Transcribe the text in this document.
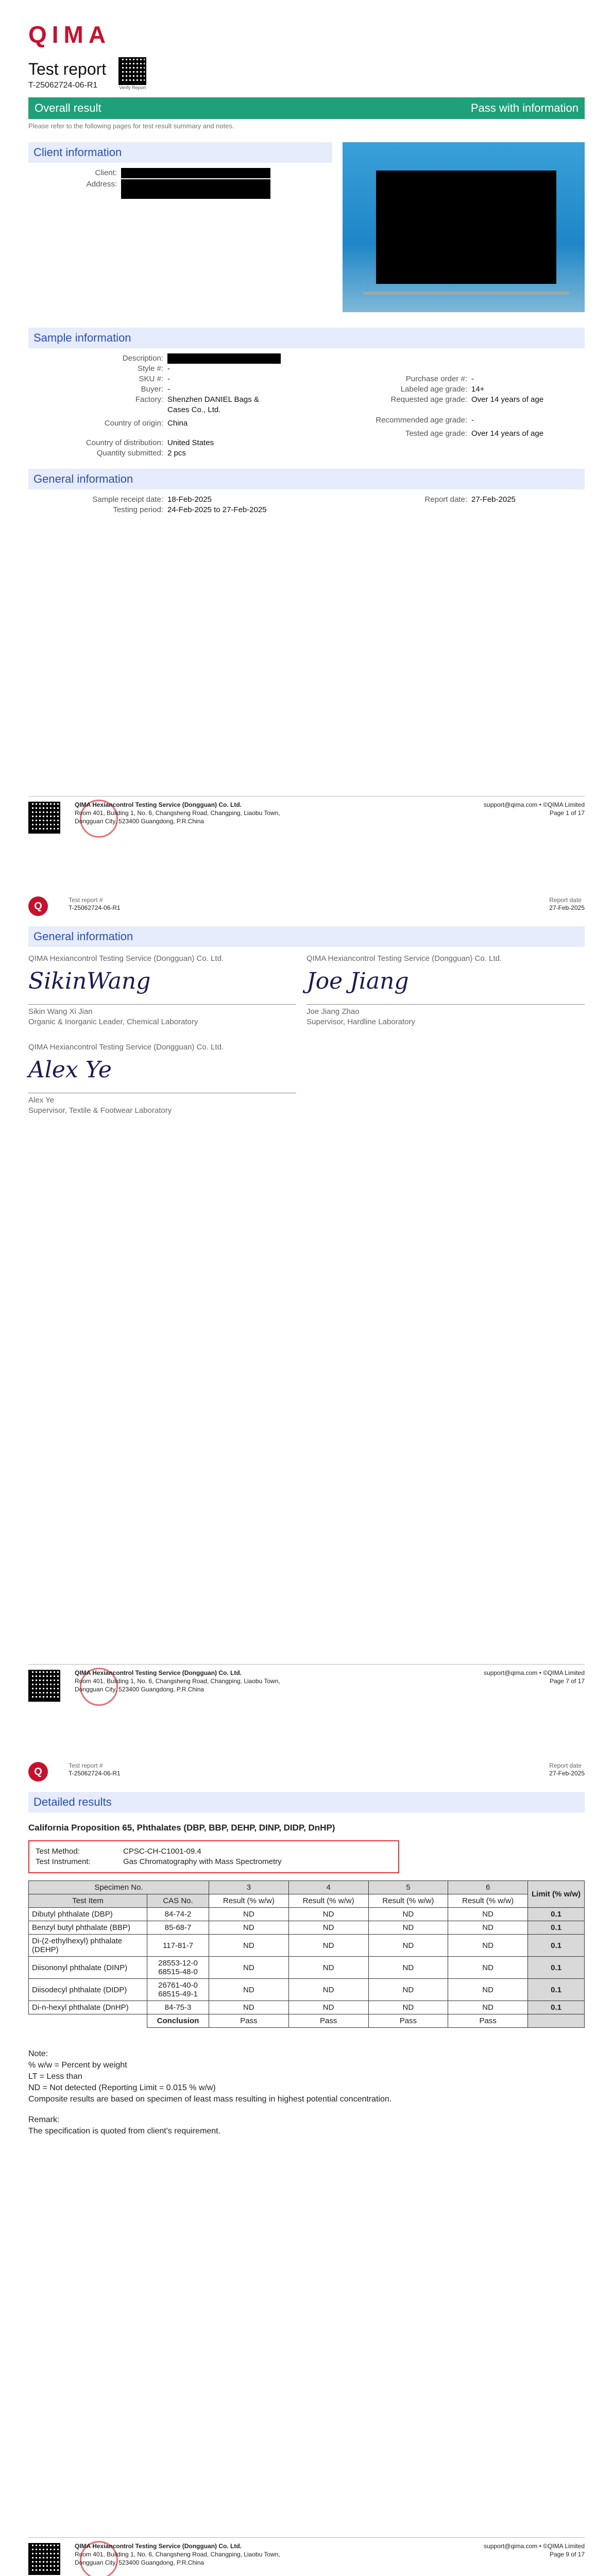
QIMA
Test report
T-25062724-06-R1	Verify Report
Overall result	Pass with information
Please refer to the following pages for test result summary and notes.
Client information
Client:
Address:
Sample information
Description:
Style #: -
SKU #: -
Buyer: -
Factory: Shenzhen DANIEL Bags & Cases Co., Ltd.
Country of origin: China
Country of distribution: United States
Quantity submitted: 2 pcs
Purchase order #: -
Labeled age grade: 14+
Requested age grade: Over 14 years of age
Recommended age grade: -
Tested age grade: Over 14 years of age
General information
Sample receipt date: 18-Feb-2025
Testing period: 24-Feb-2025 to 27-Feb-2025
Report date: 27-Feb-2025
QIMA Hexiancontrol Testing Service (Dongguan) Co. Ltd.
Room 401, Building 1, No. 6, Changsheng Road, Changping, Liaobu Town,
Dongguan City, 523400 Guangdong, P.R.China
support@qima.com • ©QIMA Limited
Page 1 of 17
Q
Test report #
T-25062724-06-R1
Report date
27-Feb-2025
General information
QIMA Hexiancontrol Testing Service (Dongguan) Co. Ltd.
SikinWang
Sikin Wang Xi Jian
Organic & Inorganic Leader, Chemical Laboratory
QIMA Hexiancontrol Testing Service (Dongguan) Co. Ltd.
Joe Jiang
Joe Jiang Zhao
Supervisor, Hardline Laboratory
QIMA Hexiancontrol Testing Service (Dongguan) Co. Ltd.
Alex Ye
Alex Ye
Supervisor, Textile & Footwear Laboratory
QIMA Hexiancontrol Testing Service (Dongguan) Co. Ltd.
Room 401, Building 1, No. 6, Changsheng Road, Changping, Liaobu Town,
Dongguan City, 523400 Guangdong, P.R.China
support@qima.com • ©QIMA Limited
Page 7 of 17
Q
Test report #
T-25062724-06-R1
Report date
27-Feb-2025
Detailed results
California Proposition 65, Phthalates (DBP, BBP, DEHP, DINP, DIDP, DnHP)
Test Method:	CPSC-CH-C1001-09.4
Test Instrument:	Gas Chromatography with Mass Spectrometry
Specimen No.		3	4	5	6	Limit (% w/w)
Test Item	CAS No.	Result (% w/w)	Result (% w/w)	Result (% w/w)	Result (% w/w)	
Dibutyl phthalate (DBP)	84-74-2	ND	ND	ND	ND	0.1
Benzyl butyl phthalate (BBP)	85-68-7	ND	ND	ND	ND	0.1
Di-(2-ethylhexyl) phthalate (DEHP)	117-81-7	ND	ND	ND	ND	0.1
Diisononyl phthalate (DINP)	28553-12-0
68515-48-0	ND	ND	ND	ND	0.1
Diisodecyl phthalate (DIDP)	26761-40-0
68515-49-1	ND	ND	ND	ND	0.1
Di-n-hexyl phthalate (DnHP)	84-75-3	ND	ND	ND	ND	0.1
	Conclusion	Pass	Pass	Pass	Pass	
Note:
% w/w = Percent by weight
LT = Less than
ND = Not detected (Reporting Limit = 0.015 % w/w)
Composite results are based on specimen of least mass resulting in highest potential concentration.
Remark:
The specification is quoted from client's requirement.
QIMA Hexiancontrol Testing Service (Dongguan) Co. Ltd.
Room 401, Building 1, No. 6, Changsheng Road, Changping, Liaobu Town,
Dongguan City, 523400 Guangdong, P.R.China
support@qima.com • ©QIMA Limited
Page 9 of 17
